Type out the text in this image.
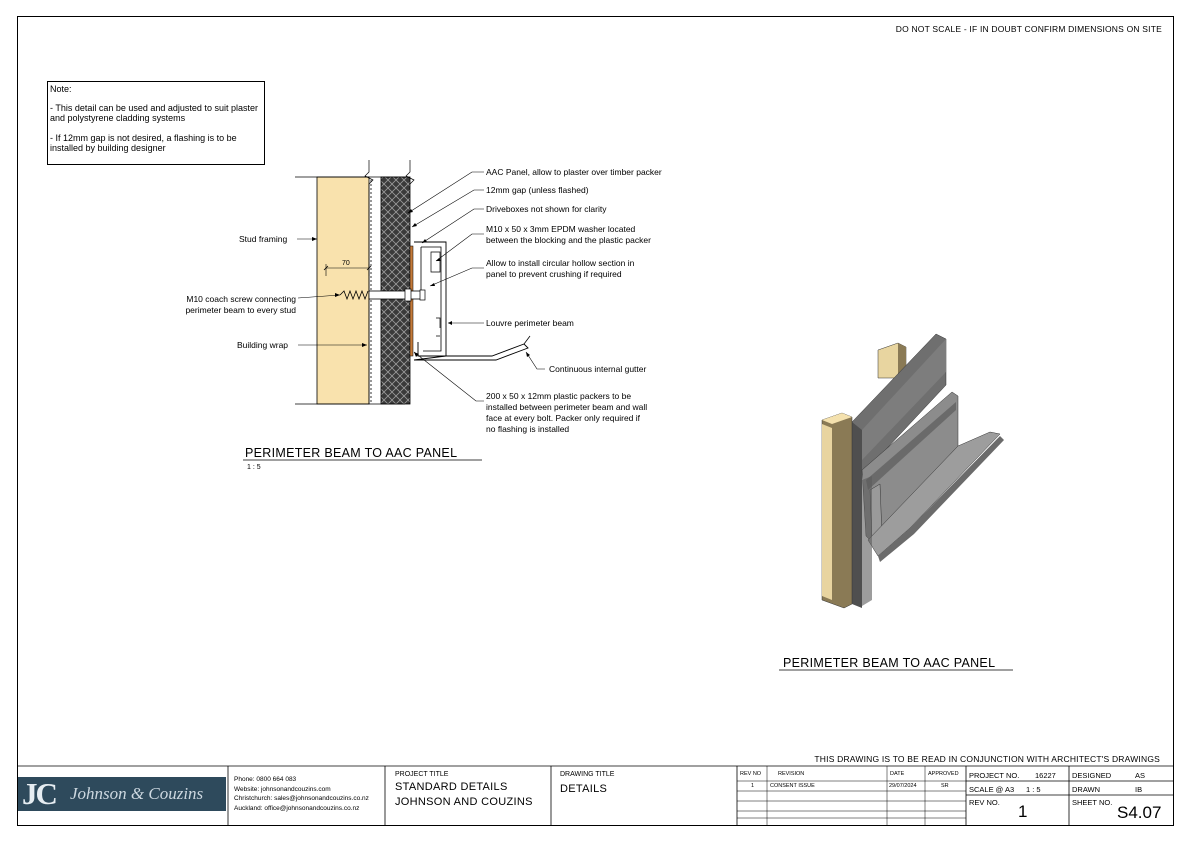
DO NOT SCALE - IF IN DOUBT CONFIRM DIMENSIONS ON SITE

Note:

- This detail can be used and adjusted to suit plaster and polystyrene cladding systems

- If 12mm gap is not desired, a flashing is to be installed by building designer

70
AAC Panel, allow to plaster over timber packer
12mm gap (unless flashed)
Driveboxes not shown for clarity
M10 x 50 x 3mm EPDM washer located
between the blocking and the plastic packer
Allow to install circular hollow section in
panel to prevent crushing if required
Louvre perimeter beam
Continuous internal gutter
200 x 50 x 12mm plastic packers to be
installed between perimeter beam and wall
face at every bolt. Packer only required if
no flashing is installed
Stud framing
M10 coach screw connecting
perimeter beam to every stud
Building wrap
PERIMETER BEAM TO AAC PANEL
1 : 5
PERIMETER BEAM TO AAC PANEL
THIS DRAWING IS TO BE READ IN CONJUNCTION WITH ARCHITECT'S DRAWINGS
JC Johnson & Couzins
Phone: 0800 664 083
Website: johnsonandcouzins.com
Christchurch: sales@johnsonandcouzins.co.nz
Auckland: office@johnsonandcouzins.co.nz
PROJECT TITLE
STANDARD DETAILS
JOHNSON AND COUZINS
DRAWING TITLE
DETAILS
REV NO	REVISION	DATE	APPROVED
1	CONSENT ISSUE	29/07/2024	SR
PROJECT NO. 16227
SCALE @ A3 1 : 5
REV NO. 1
DESIGNED	AS
DRAWN	IB
SHEET NO.
S4.07
